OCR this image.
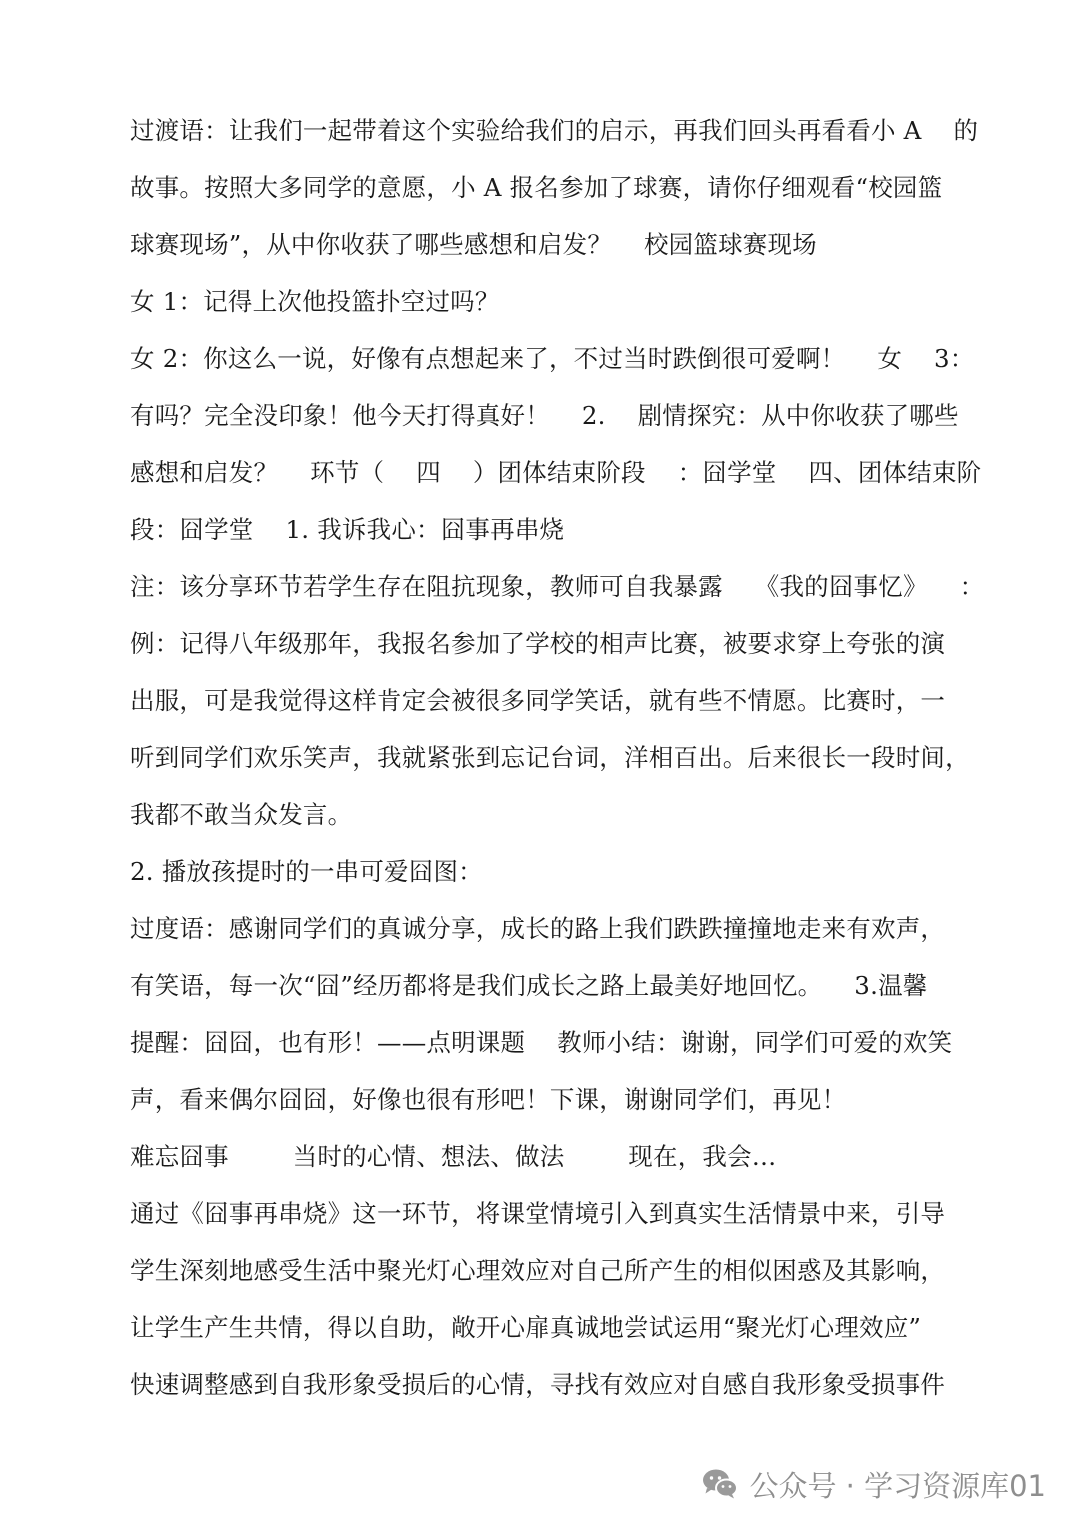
过渡语：让我们一起带着这个实验给我们的启示，再我们回头再看看小 A    的
故事。按照大多同学的意愿，小 A 报名参加了球赛，请你仔细观看“校园篮
球赛现场”，从中你收获了哪些感想和启发？    校园篮球赛现场
女 1：记得上次他投篮扑空过吗？
女 2：你这么一说，好像有点想起来了，不过当时跌倒很可爱啊！    女    3：
有吗？完全没印象！他今天打得真好！    2.    剧情探究：从中你收获了哪些
感想和启发？    环节（    四    ）团体结束阶段    ：囧学堂    四、团体结束阶
段：囧学堂    1. 我诉我心：囧事再串烧
注：该分享环节若学生存在阻抗现象，教师可自我暴露    《我的囧事忆》    ：
例：记得八年级那年，我报名参加了学校的相声比赛，被要求穿上夸张的演
出服，可是我觉得这样肯定会被很多同学笑话，就有些不情愿。比赛时，一
听到同学们欢乐笑声，我就紧张到忘记台词，洋相百出。后来很长一段时间，
我都不敢当众发言。
2. 播放孩提时的一串可爱囧图：
过度语：感谢同学们的真诚分享，成长的路上我们跌跌撞撞地走来有欢声，
有笑语，每一次“囧”经历都将是我们成长之路上最美好地回忆。    3.温馨
提醒：囧囧，也有形！——点明课题    教师小结：谢谢，同学们可爱的欢笑
声，看来偶尔囧囧，好像也很有形吧！下课，谢谢同学们，再见！
难忘囧事        当时的心情、想法、做法        现在，我会…
通过《囧事再串烧》这一环节，将课堂情境引入到真实生活情景中来，引导
学生深刻地感受生活中聚光灯心理效应对自己所产生的相似困惑及其影响，
让学生产生共情，得以自助，敞开心扉真诚地尝试运用“聚光灯心理效应”
快速调整感到自我形象受损后的心情，寻找有效应对自感自我形象受损事件
公众号 · 学习资源库01
